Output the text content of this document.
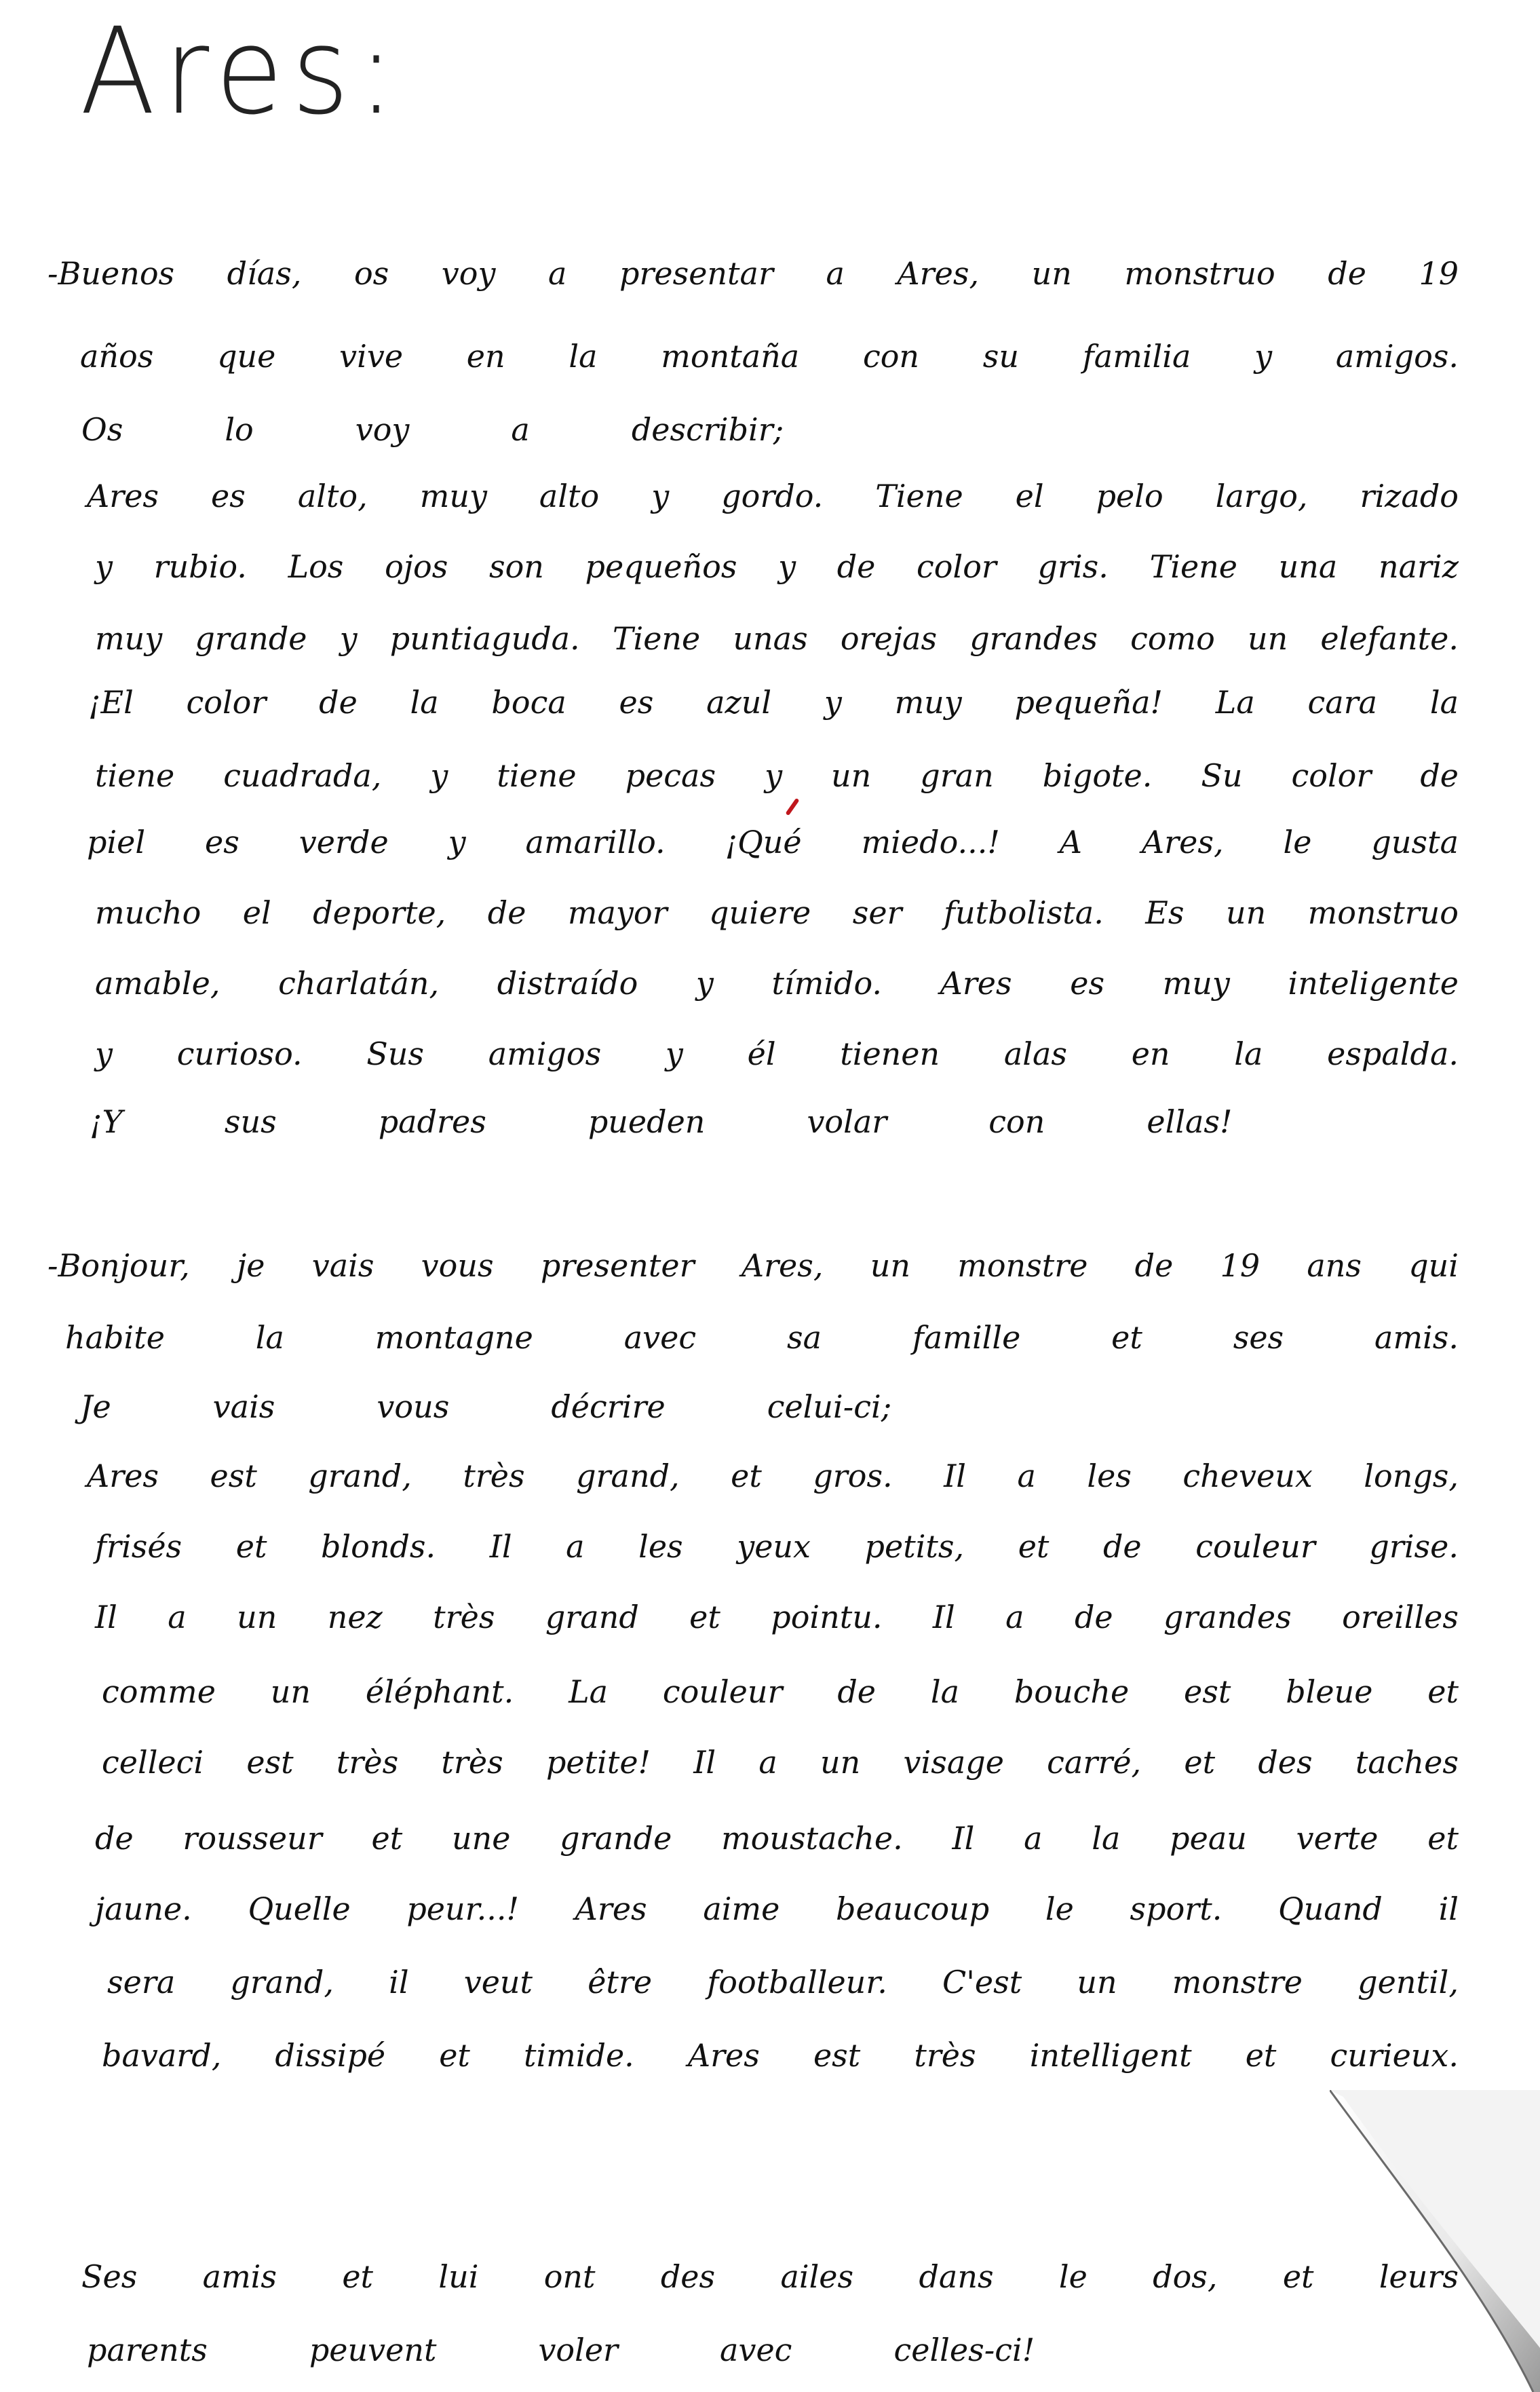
Ares:
-Buenos días, os voy a presentar a Ares, un monstruo de 19
años que vive en la montaña con su familia y amigos.
Os	lo	voy	a	describir;
Ares es alto, muy alto y gordo. Tiene el pelo largo, rizado
y rubio. Los ojos son pequeños y de color gris. Tiene una nariz
muy grande y puntiaguda. Tiene unas orejas grandes como un elefante.
¡El color de la boca es azul y muy pequeña! La cara la
tiene cuadrada, y tiene pecas y un gran bigote. Su color de
piel es verde y amarillo. ¡Qué miedo...! A Ares, le gusta
mucho el deporte, de mayor quiere ser futbolista. Es un monstruo
amable, charlatán, distraído y tímido. Ares es muy inteligente
y curioso. Sus amigos y él tienen alas en la espalda.
¡Y	sus	padres	pueden	volar	con	ellas!
-Bonjour, je vais vous presenter Ares, un monstre de 19 ans qui
habite	la	montagne	avec	sa	famille	et	ses	amis.
Je	vais	vous	décrire	celui-ci;
Ares est grand, très grand, et gros. Il a les cheveux longs,
frisés et blonds. Il a les yeux petits, et de couleur grise.
Il a un nez très grand et pointu. Il a de grandes oreilles
comme un éléphant. La couleur de la bouche est bleue et
celleci est très très petite! Il a un visage carré, et des taches
de rousseur et une grande moustache. Il a la peau verte et
jaune. Quelle peur...! Ares aime beaucoup le sport. Quand il
sera grand, il veut être footballeur. C'est un monstre gentil,
bavard, dissipé et timide. Ares est très intelligent et curieux.
Ses amis et lui ont des ailes dans le dos, et leurs
parents	peuvent	voler	avec	celles-ci!
